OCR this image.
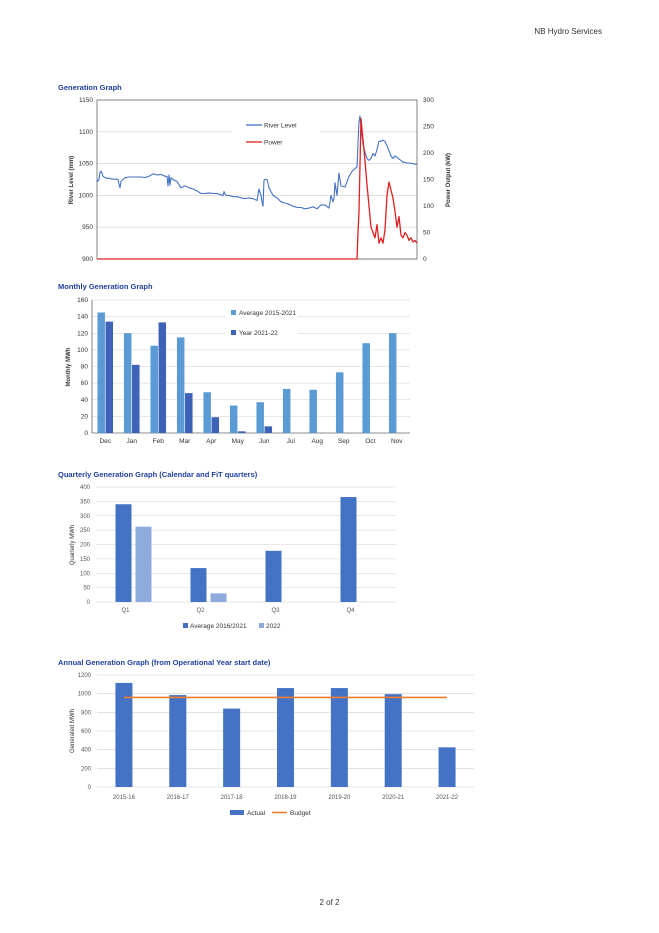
NB Hydro Services
Generation Graph
Monthly Generation Graph
Quarterly Generation Graph (Calendar and FiT quarters)
Annual Generation Graph (from Operational Year start date)
900
950
1000
1050
1100
1150
0
50
100
150
200
250
300
River Level
Power
River Level (mm)	Power Output (kW)
0
20
40
60
80
100
120
140
160
Dec Jan Feb Mar Apr May Jun	Jul	Aug Sep Oct Nov
Average 2015-2021
Year 2021-22
Monthly MWh
0
50
100
150
200
250
300
350
400
Q1	Q2	Q3	Q4
Average 2016/2021	2022
Quarterly MWh
0
200
400
600
800
1000
1200
2015-16	2016-17	2017-18	2018-19	2019-20	2020-21	2021-22
Actual	Budget
Generated MWh
2 of 2
